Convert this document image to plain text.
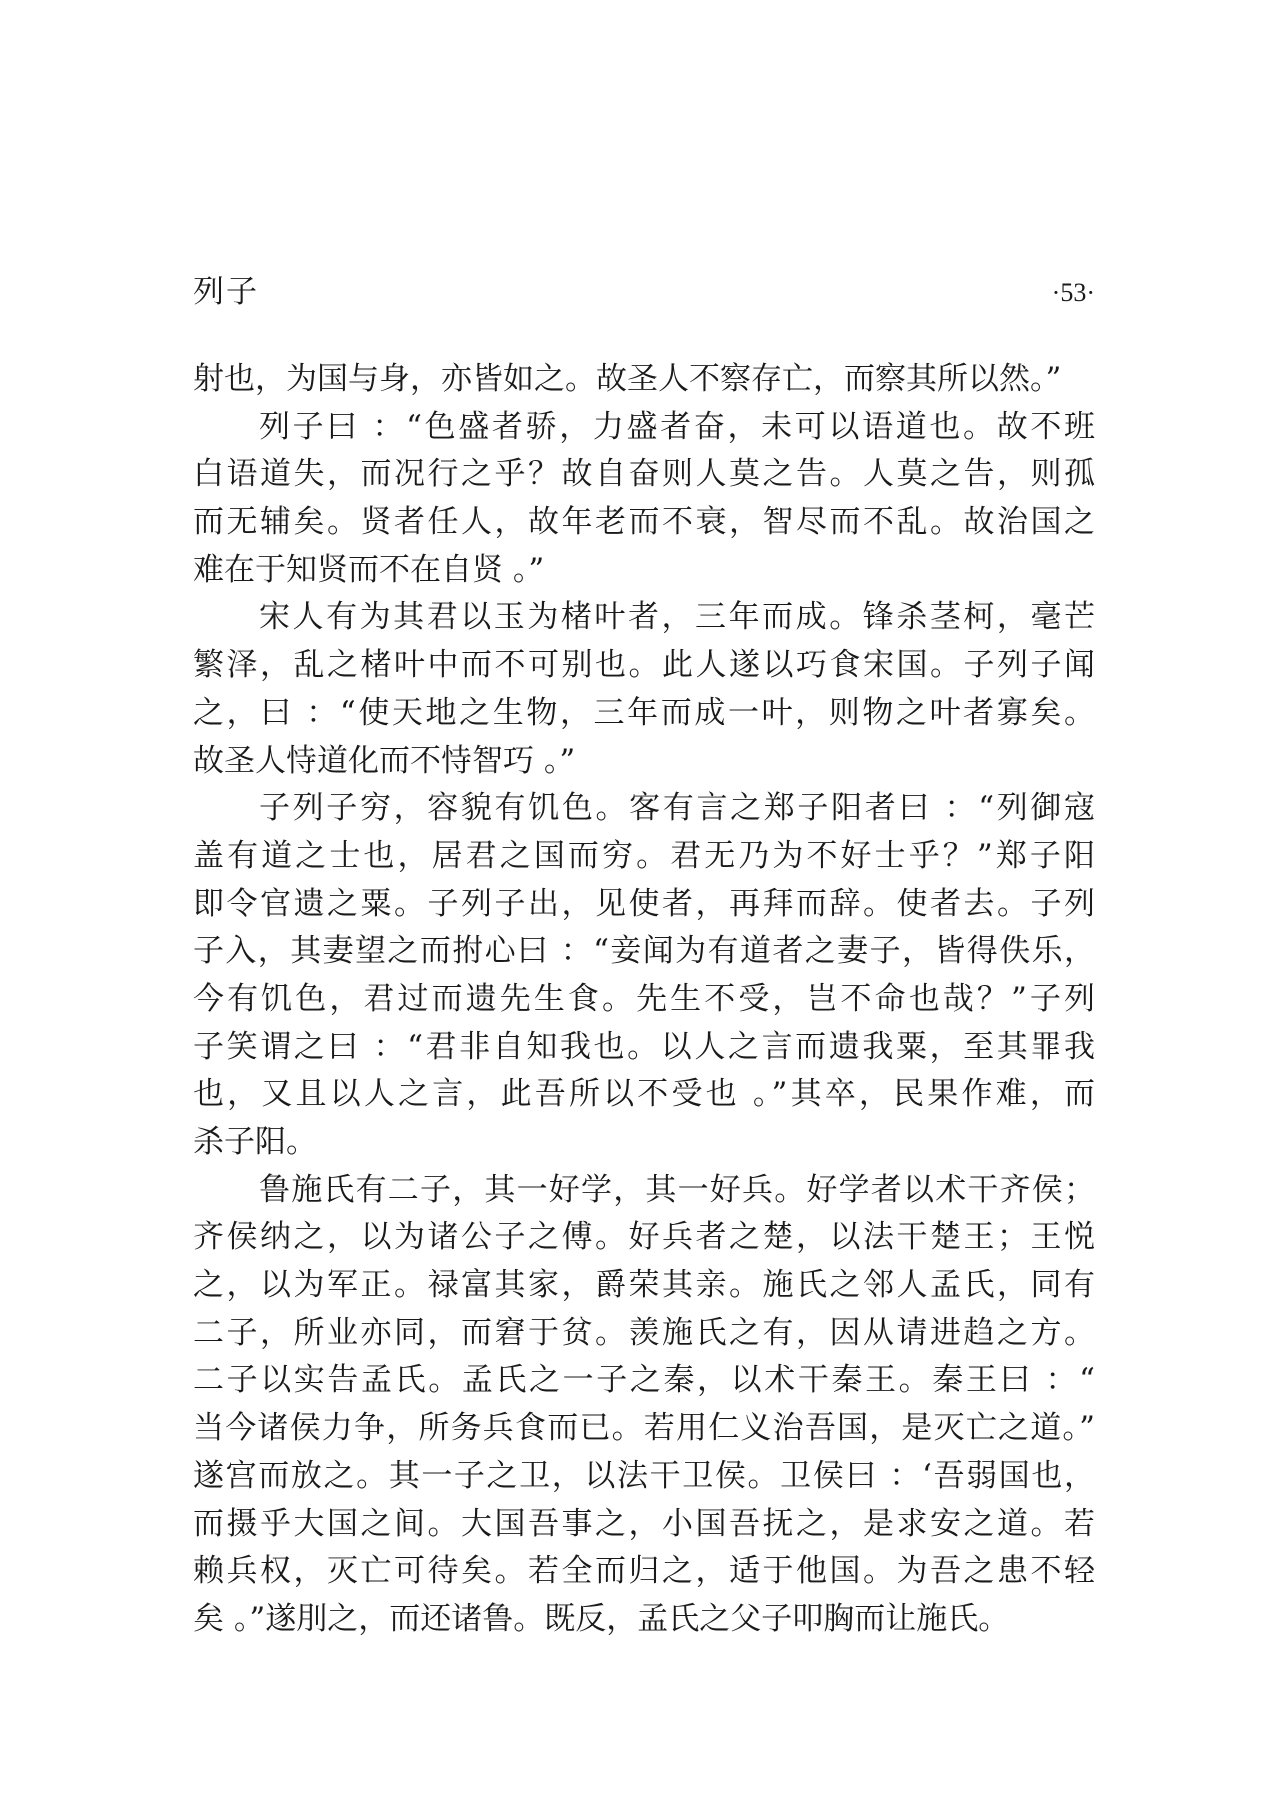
列子	·53·
射也，为国与身，亦皆如之。故圣人不察存亡，而察其所以然。”
列子曰 ：“色盛者骄，力盛者奋，未可以语道也。故不班
白语道失，而况行之乎？故自奋则人莫之告。人莫之告，则孤
而无辅矣。贤者任人，故年老而不衰，智尽而不乱。故治国之
难在于知贤而不在自贤 。”
宋人有为其君以玉为楮叶者，三年而成。锋杀茎柯，毫芒
繁泽，乱之楮叶中而不可别也。此人遂以巧食宋国。子列子闻
之，曰 ：“使天地之生物，三年而成一叶，则物之叶者寡矣。
故圣人恃道化而不恃智巧 。”
子列子穷，容貌有饥色。客有言之郑子阳者曰 ：“列御寇
盖有道之士也，居君之国而穷。君无乃为不好士乎？”郑子阳
即令官遗之粟。子列子出，见使者，再拜而辞。使者去。子列
子入，其妻望之而拊心曰 ：“妾闻为有道者之妻子，皆得佚乐，
今有饥色，君过而遗先生食。先生不受，岂不命也哉？”子列
子笑谓之曰 ：“君非自知我也。以人之言而遗我粟，至其罪我
也，又且以人之言，此吾所以不受也 。”其卒，民果作难，而
杀子阳。
鲁施氏有二子，其一好学，其一好兵。好学者以术干齐侯；
齐侯纳之，以为诸公子之傅。好兵者之楚，以法干楚王；王悦
之，以为军正。禄富其家，爵荣其亲。施氏之邻人孟氏，同有
二子，所业亦同，而窘于贫。羡施氏之有，因从请进趋之方。
二子以实告孟氏。孟氏之一子之秦，以术干秦王。秦王曰 ：“
当今诸侯力争，所务兵食而已。若用仁义治吾国，是灭亡之道。”
遂宫而放之。其一子之卫，以法干卫侯。卫侯曰 ：‘吾弱国也，
而摄乎大国之间。大国吾事之，小国吾抚之，是求安之道。若
赖兵权，灭亡可待矣。若全而归之，适于他国。为吾之患不轻
矣 。”遂刖之，而还诸鲁。既反，孟氏之父子叩胸而让施氏。
